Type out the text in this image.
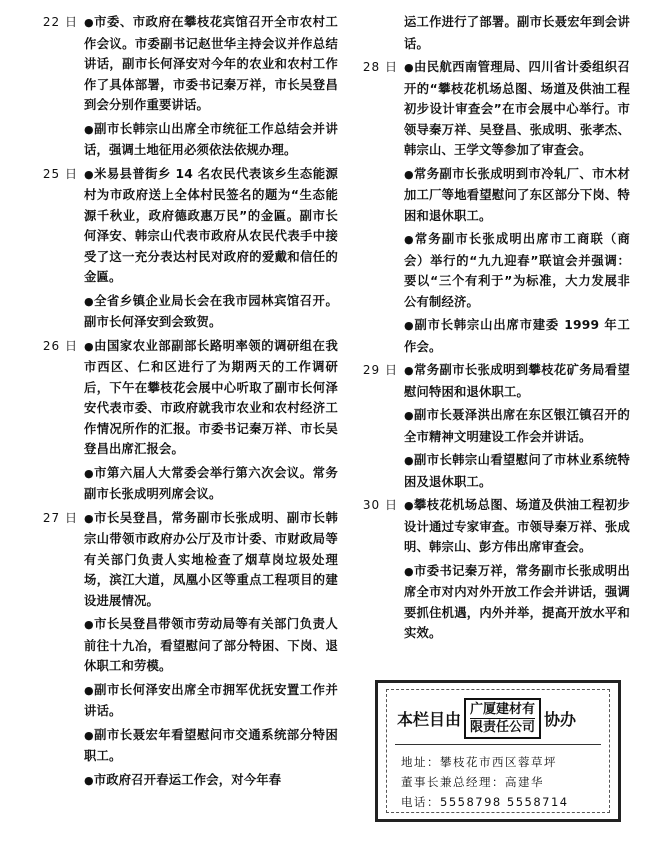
22 日	● 市委、市政府在攀枝花宾馆召开全市农村工作会议。市委副书记赵世华主持会议并作总结讲话，副市长何泽安对今年的农业和农村工作作了具体部署，市委书记秦万祥，市长吴登昌到会分别作重要讲话。

● 副市长韩宗山出席全市统征工作总结会并讲话，强调土地征用必须依法依规办理。

25 日	● 米易县普街乡 14 名农民代表该乡生态能源村为市政府送上全体村民签名的题为“生态能源千秋业，政府德政惠万民”的金匾。副市长何泽安、韩宗山代表市政府从农民代表手中接受了这一充分表达村民对政府的爱戴和信任的金匾。

● 全省乡镇企业局长会在我市园林宾馆召开。副市长何泽安到会致贺。

26 日	● 由国家农业部副部长路明率领的调研组在我市西区、仁和区进行了为期两天的工作调研后，下午在攀枝花会展中心听取了副市长何泽安代表市委、市政府就我市农业和农村经济工作情况所作的汇报。市委书记秦万祥、市长吴登昌出席汇报会。

● 市第六届人大常委会举行第六次会议。常务副市长张成明列席会议。

27 日	● 市长吴登昌，常务副市长张成明、副市长韩宗山带领市政府办公厅及市计委、市财政局等有关部门负责人实地检查了烟草岗垃圾处理场，滨江大道，凤凰小区等重点工程项目的建设进展情况。

● 市长吴登昌带领市劳动局等有关部门负责人前往十九冶，看望慰问了部分特困、下岗、退休职工和劳模。

● 副市长何泽安出席全市拥军优抚安置工作并讲话。

● 副市长聂宏年看望慰问市交通系统部分特困职工。

● 市政府召开春运工作会，对今年春

运工作进行了部署。副市长聂宏年到会讲话。

28 日	● 由民航西南管理局、四川省计委组织召开的“攀枝花机场总图、场道及供油工程初步设计审查会”在市会展中心举行。市领导秦万祥、吴登昌、张成明、张孝杰、韩宗山、王学文等参加了审查会。

● 常务副市长张成明到市冷轧厂、市木材加工厂等地看望慰问了东区部分下岗、特困和退休职工。

● 常务副市长张成明出席市工商联（商会）举行的“九九迎春”联谊会并强调：要以“三个有利于”为标准，大力发展非公有制经济。

● 副市长韩宗山出席市建委 1999 年工作会。

29 日	● 常务副市长张成明到攀枝花矿务局看望慰问特困和退休职工。

● 副市长聂泽洪出席在东区银江镇召开的全市精神文明建设工作会并讲话。

● 副市长韩宗山看望慰问了市林业系统特困及退休职工。

30 日	● 攀枝花机场总图、场道及供油工程初步设计通过专家审查。市领导秦万祥、张成明、韩宗山、彭方伟出席审查会。

● 市委书记秦万祥，常务副市长张成明出席全市对内对外开放工作会并讲话，强调要抓住机遇，内外并举，提高开放水平和实效。

本栏目由
广厦建材有
限责任公司 协办
地址：攀枝花市西区蓉草坪
董事长兼总经理：高建华
电话：5558798 5558714
